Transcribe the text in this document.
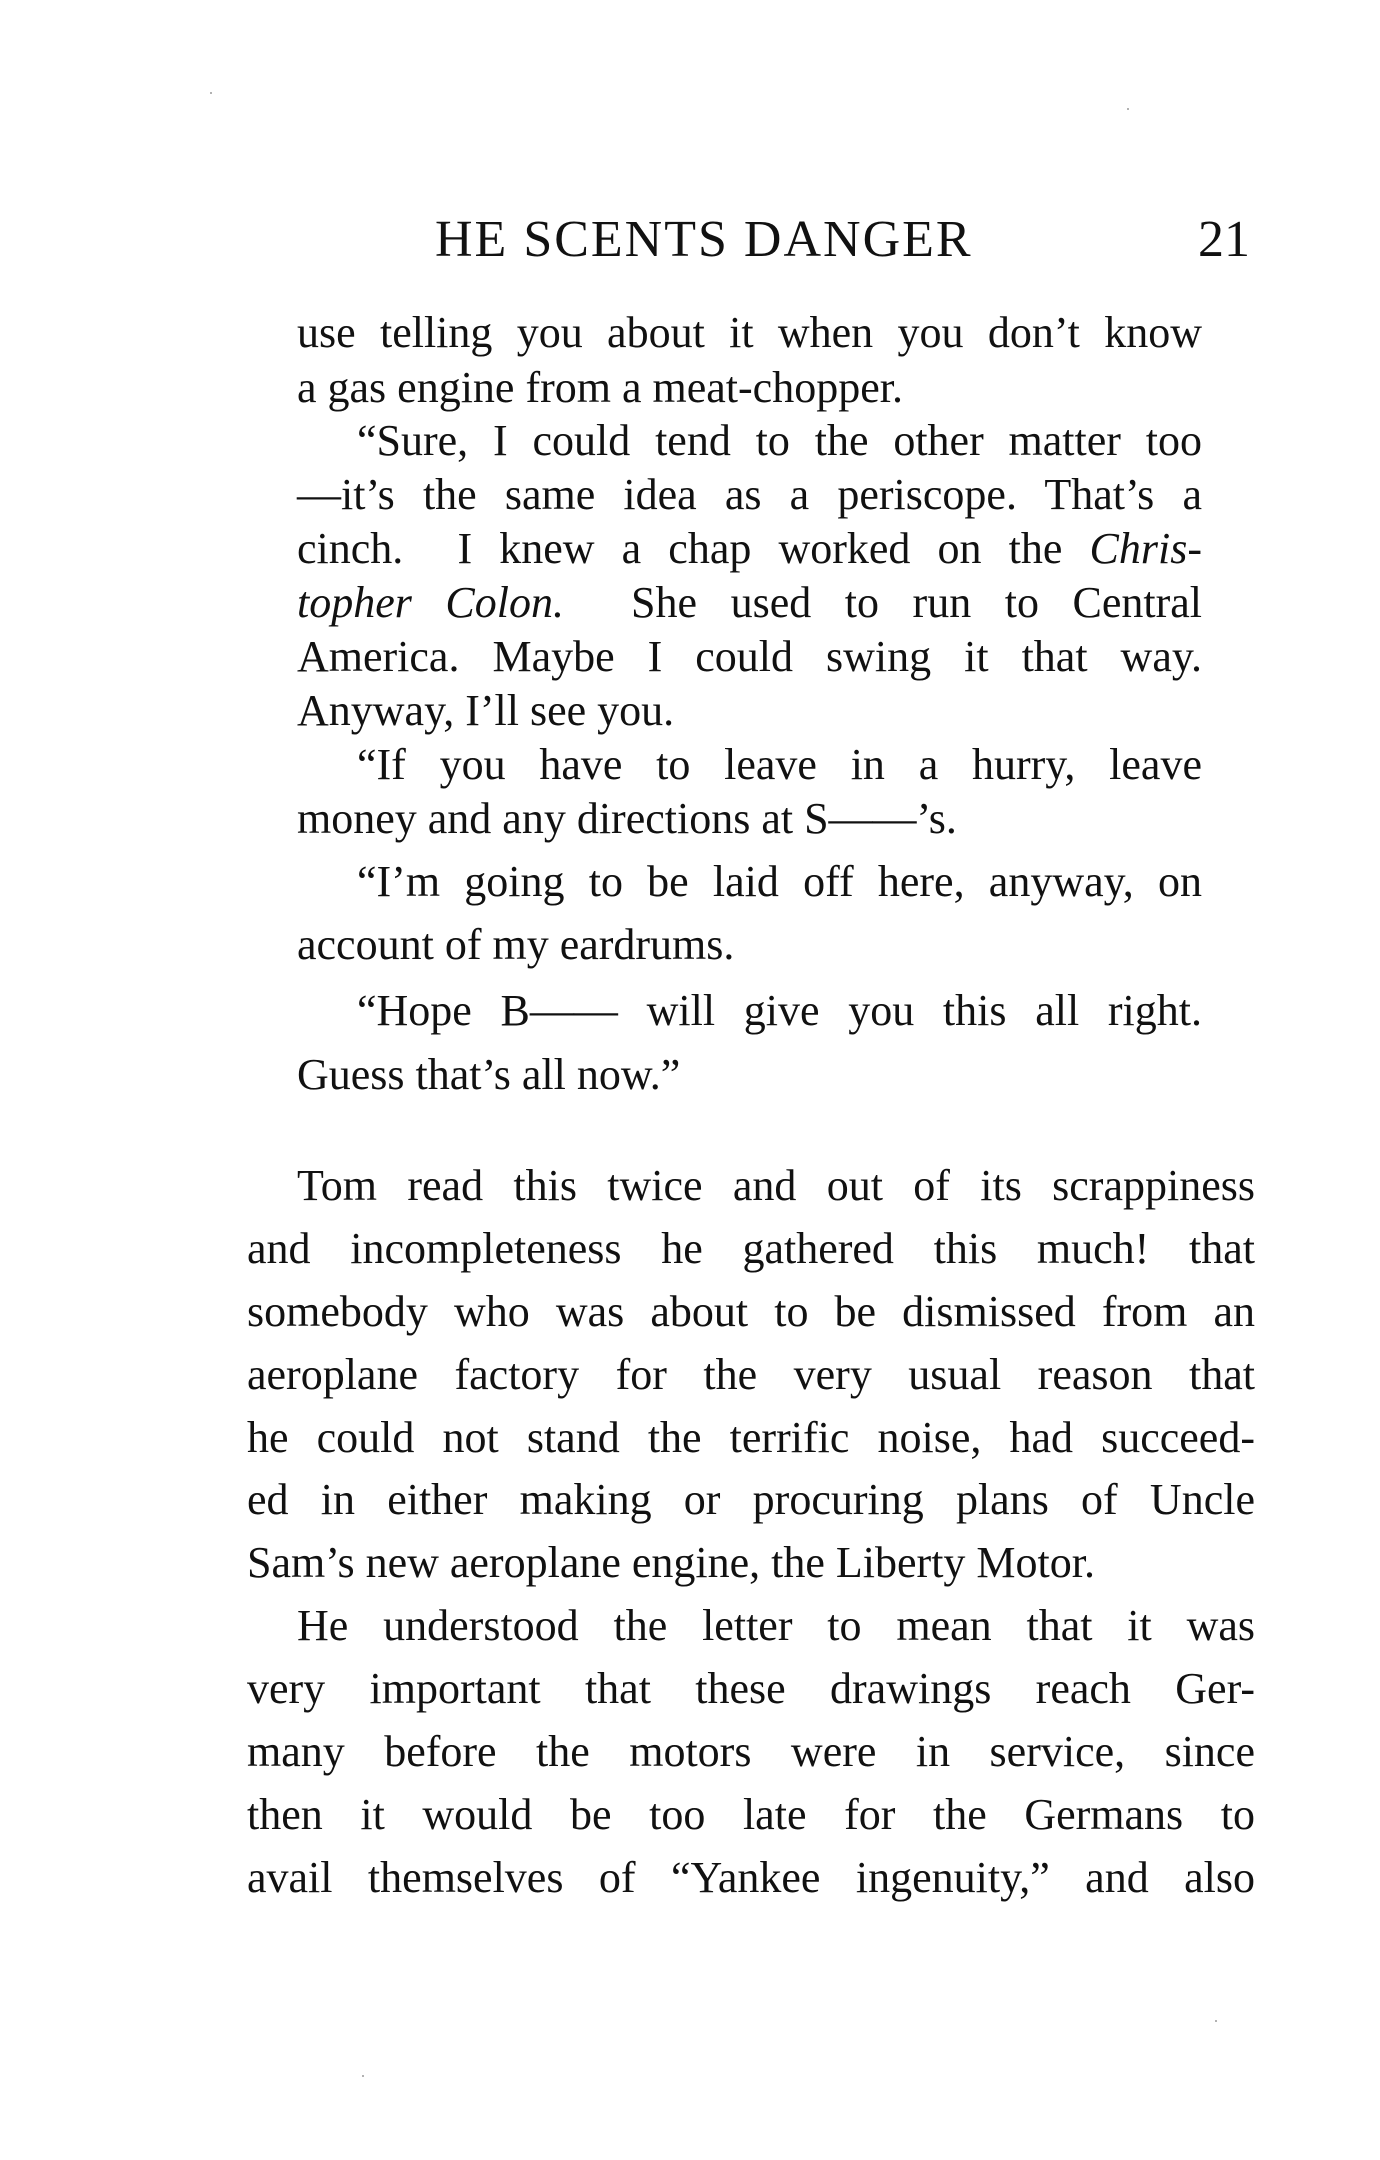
HE SCENTS DANGER	21
use telling you about it when you don’t know
a gas engine from a meat-chopper.
“Sure, I could tend to the other matter too
—it’s the same idea as a periscope. That’s a
cinch.  I knew a chap worked on the Chris-
topher Colon.  She used to run to Central
America. Maybe I could swing it that way.
Anyway, I’ll see you.
“If you have to leave in a hurry, leave
money and any directions at S——’s.
“I’m going to be laid off here, anyway, on
account of my eardrums.
“Hope B—— will give you this all right.
Guess that’s all now.”
Tom read this twice and out of its scrappiness
and incompleteness he gathered this much! that
somebody who was about to be dismissed from an
aeroplane factory for the very usual reason that
he could not stand the terrific noise, had succeed-
ed in either making or procuring plans of Uncle
Sam’s new aeroplane engine, the Liberty Motor.
He understood the letter to mean that it was
very important that these drawings reach Ger-
many before the motors were in service, since
then it would be too late for the Germans to
avail themselves of “Yankee ingenuity,” and also
